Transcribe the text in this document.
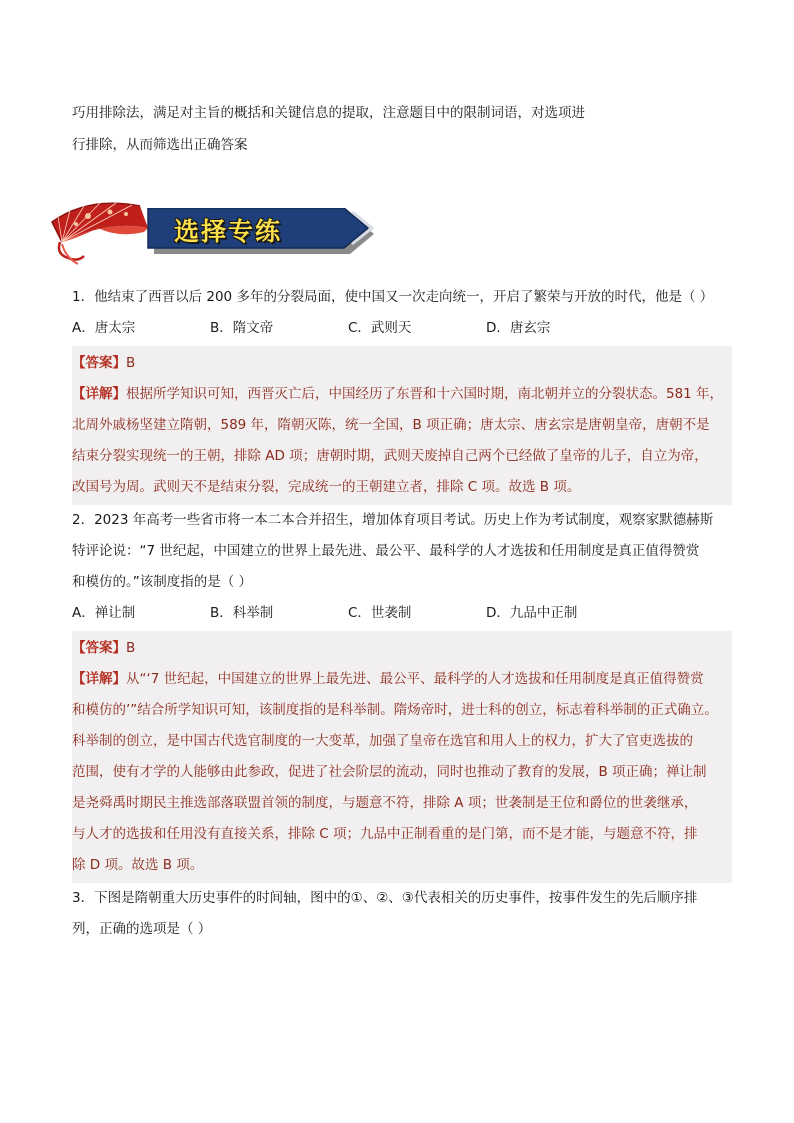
巧用排除法，满足对主旨的概括和关键信息的提取，注意题目中的限制词语，对选项进
行排除，从而筛选出正确答案
选择专练
1．他结束了西晋以后 200 多年的分裂局面，使中国又一次走向统一，开启了繁荣与开放的时代，他是（ ）
A．唐太宗	B．隋文帝	C．武则天	D．唐玄宗
【答案】B
【详解】根据所学知识可知，西晋灭亡后，中国经历了东晋和十六国时期，南北朝并立的分裂状态。581 年，
北周外戚杨坚建立隋朝，589 年，隋朝灭陈，统一全国，B 项正确；唐太宗、唐玄宗是唐朝皇帝，唐朝不是
结束分裂实现统一的王朝，排除 AD 项；唐朝时期，武则天废掉自己两个已经做了皇帝的儿子，自立为帝，
改国号为周。武则天不是结束分裂，完成统一的王朝建立者，排除 C 项。故选 B 项。
2．2023 年高考一些省市将一本二本合并招生，增加体育项目考试。历史上作为考试制度，观察家默德赫斯
特评论说：“7 世纪起，中国建立的世界上最先进、最公平、最科学的人才选拔和任用制度是真正值得赞赏
和模仿的。”该制度指的是（ ）
A．禅让制	B．科举制	C．世袭制	D．九品中正制
【答案】B
【详解】从“‘7 世纪起，中国建立的世界上最先进、最公平、最科学的人才选拔和任用制度是真正值得赞赏
和模仿的’”结合所学知识可知，该制度指的是科举制。隋炀帝时，进士科的创立，标志着科举制的正式确立。
科举制的创立，是中国古代选官制度的一大变革，加强了皇帝在选官和用人上的权力，扩大了官吏选拔的
范围，使有才学的人能够由此参政，促进了社会阶层的流动，同时也推动了教育的发展，B 项正确；禅让制
是尧舜禹时期民主推选部落联盟首领的制度，与题意不符，排除 A 项；世袭制是王位和爵位的世袭继承，
与人才的选拔和任用没有直接关系，排除 C 项；九品中正制看重的是门第，而不是才能，与题意不符，排
除 D 项。故选 B 项。
3．下图是隋朝重大历史事件的时间轴，图中的①、②、③代表相关的历史事件，按事件发生的先后顺序排
列，正确的选项是（ ）
